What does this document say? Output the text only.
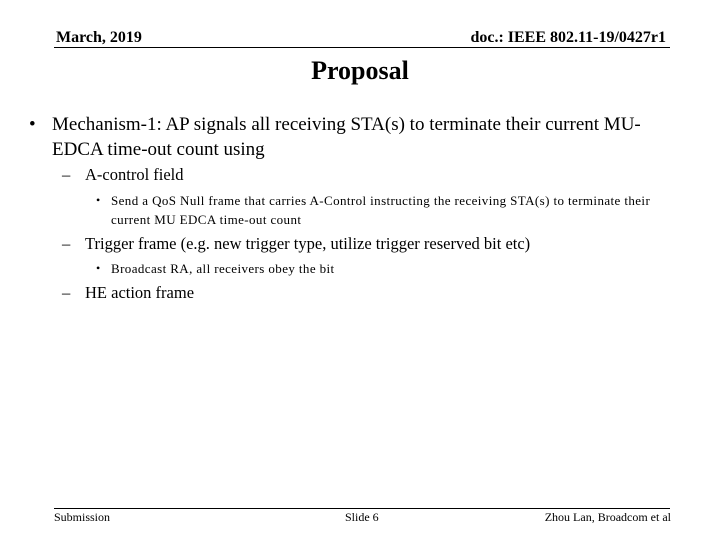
March, 2019	doc.: IEEE 802.11-19/0427r1
Proposal
• Mechanism-1: AP signals all receiving STA(s) to terminate their current MU-EDCA time-out count using
– A-control field
• Send a QoS Null frame that carries A-Control instructing the receiving STA(s) to terminate their current MU EDCA time-out count
– Trigger frame (e.g. new trigger type, utilize trigger reserved bit etc)
• Broadcast RA, all receivers obey the bit
– HE action frame
Submission	Slide 6	Zhou Lan, Broadcom et al
